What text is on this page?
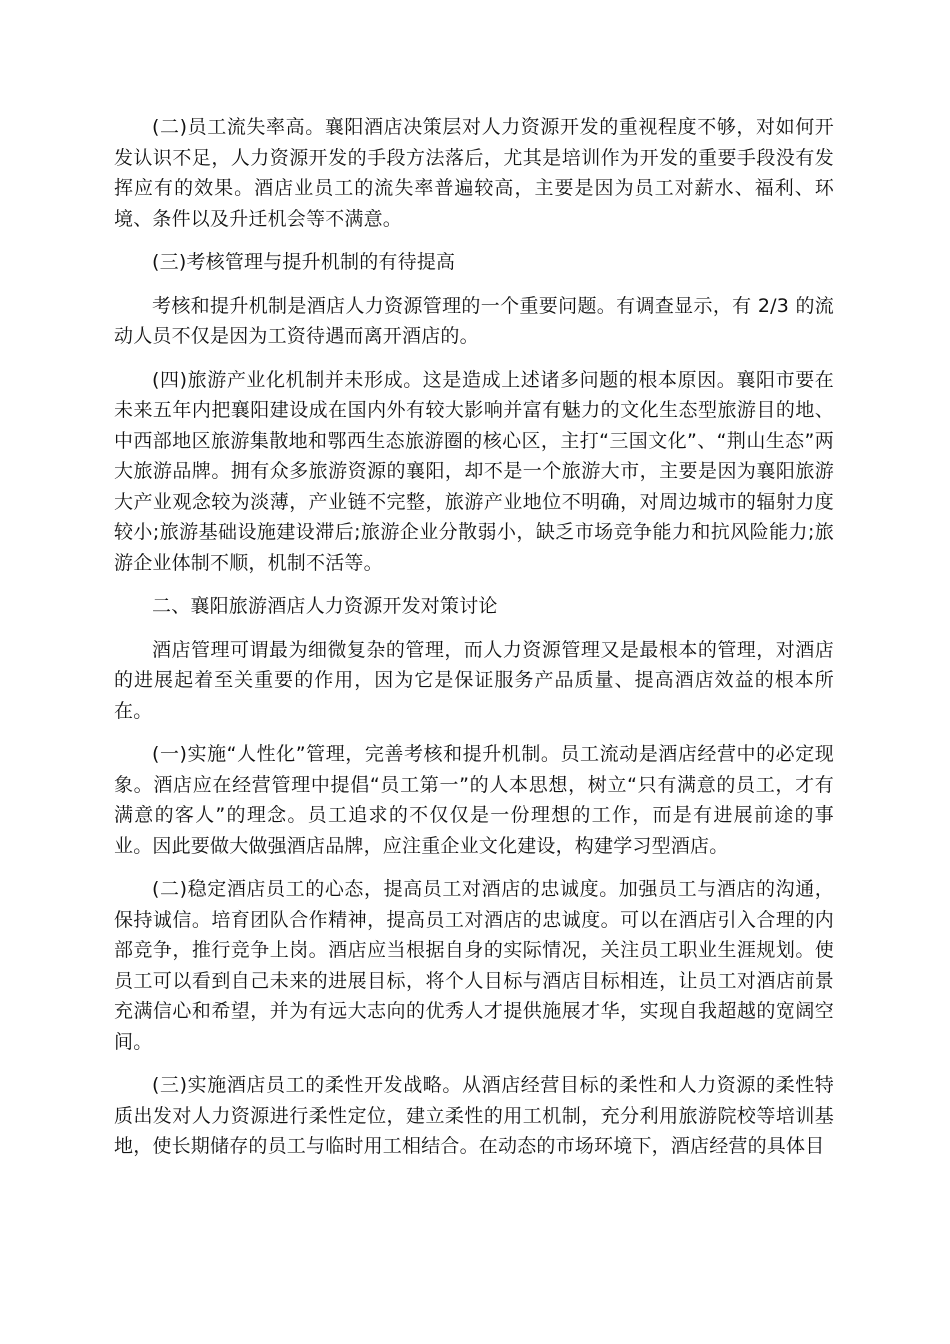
(二)员工流失率高。襄阳酒店决策层对人力资源开发的重视程度不够，对如何开发认识不足，人力资源开发的手段方法落后，尤其是培训作为开发的重要手段没有发挥应有的效果。酒店业员工的流失率普遍较高，主要是因为员工对薪水、福利、环境、条件以及升迁机会等不满意。

(三)考核管理与提升机制的有待提高

考核和提升机制是酒店人力资源管理的一个重要问题。有调查显示，有 2/3 的流动人员不仅是因为工资待遇而离开酒店的。

(四)旅游产业化机制并未形成。这是造成上述诸多问题的根本原因。襄阳市要在未来五年内把襄阳建设成在国内外有较大影响并富有魅力的文化生态型旅游目的地、中西部地区旅游集散地和鄂西生态旅游圈的核心区，主打“三国文化”、“荆山生态”两大旅游品牌。拥有众多旅游资源的襄阳，却不是一个旅游大市，主要是因为襄阳旅游大产业观念较为淡薄，产业链不完整，旅游产业地位不明确，对周边城市的辐射力度较小;旅游基础设施建设滞后;旅游企业分散弱小，缺乏市场竞争能力和抗风险能力;旅游企业体制不顺，机制不活等。

二、襄阳旅游酒店人力资源开发对策讨论

酒店管理可谓最为细微复杂的管理，而人力资源管理又是最根本的管理，对酒店的进展起着至关重要的作用，因为它是保证服务产品质量、提高酒店效益的根本所在。

(一)实施“人性化”管理，完善考核和提升机制。员工流动是酒店经营中的必定现象。酒店应在经营管理中提倡“员工第一”的人本思想，树立“只有满意的员工，才有满意的客人”的理念。员工追求的不仅仅是一份理想的工作，而是有进展前途的事业。因此要做大做强酒店品牌，应注重企业文化建设，构建学习型酒店。

(二)稳定酒店员工的心态，提高员工对酒店的忠诚度。加强员工与酒店的沟通，保持诚信。培育团队合作精神，提高员工对酒店的忠诚度。可以在酒店引入合理的内部竞争，推行竞争上岗。酒店应当根据自身的实际情况，关注员工职业生涯规划。使员工可以看到自己未来的进展目标，将个人目标与酒店目标相连，让员工对酒店前景充满信心和希望，并为有远大志向的优秀人才提供施展才华，实现自我超越的宽阔空间。

(三)实施酒店员工的柔性开发战略。从酒店经营目标的柔性和人力资源的柔性特质出发对人力资源进行柔性定位，建立柔性的用工机制，充分利用旅游院校等培训基地，使长期储存的员工与临时用工相结合。在动态的市场环境下，酒店经营的具体目
